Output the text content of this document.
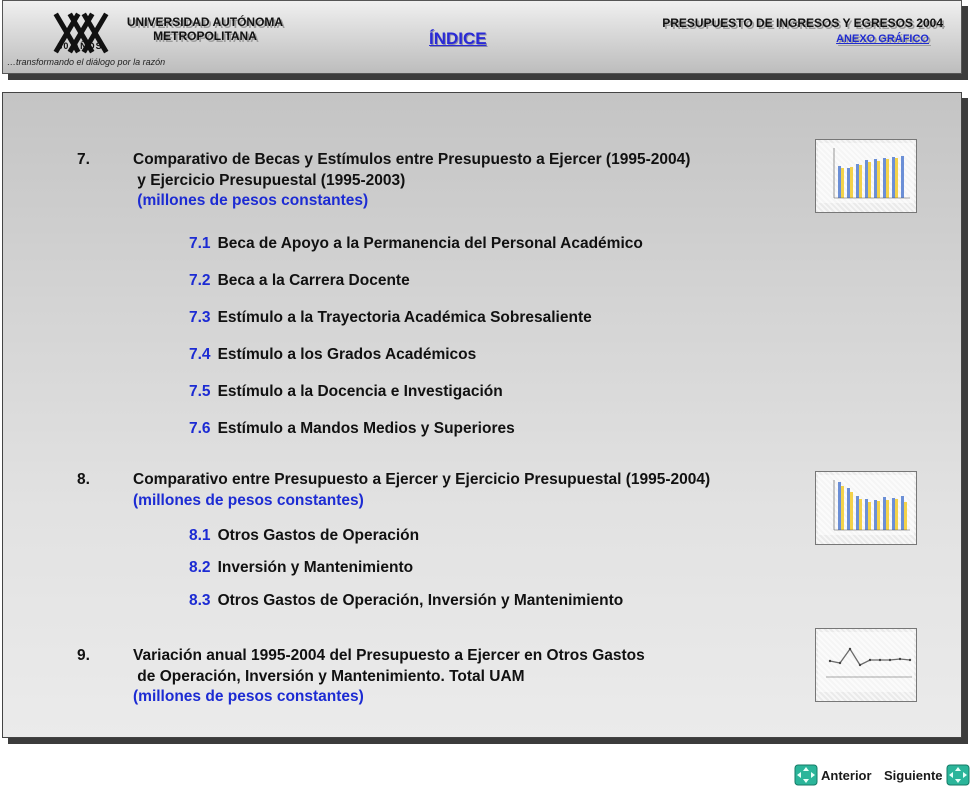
30 AÑOS
UNIVERSIDAD AUTÓNOMA
METROPOLITANA
…transformando el diálogo por la razón
ÍNDICE
PRESUPUESTO DE INGRESOS Y EGRESOS 2004
ANEXO GRÁFICO
7.	Comparativo de Becas y Estímulos entre Presupuesto a Ejercer (1995-2004)
y Ejercicio Presupuestal (1995-2003)
(millones de pesos constantes)
7.1 Beca de Apoyo a la Permanencia del Personal Académico
7.2 Beca a la Carrera Docente
7.3 Estímulo a la Trayectoria Académica Sobresaliente
7.4 Estímulo a los Grados Académicos
7.5 Estímulo a la Docencia e Investigación
7.6 Estímulo a Mandos Medios y Superiores
8.	Comparativo entre Presupuesto a Ejercer y Ejercicio Presupuestal (1995-2004)
(millones de pesos constantes)
8.1 Otros Gastos de Operación
8.2 Inversión y Mantenimiento
8.3 Otros Gastos de Operación, Inversión y Mantenimiento
9.	Variación anual 1995-2004 del Presupuesto a Ejercer en Otros Gastos
de Operación, Inversión y Mantenimiento. Total UAM
(millones de pesos constantes)
Anterior Siguiente
